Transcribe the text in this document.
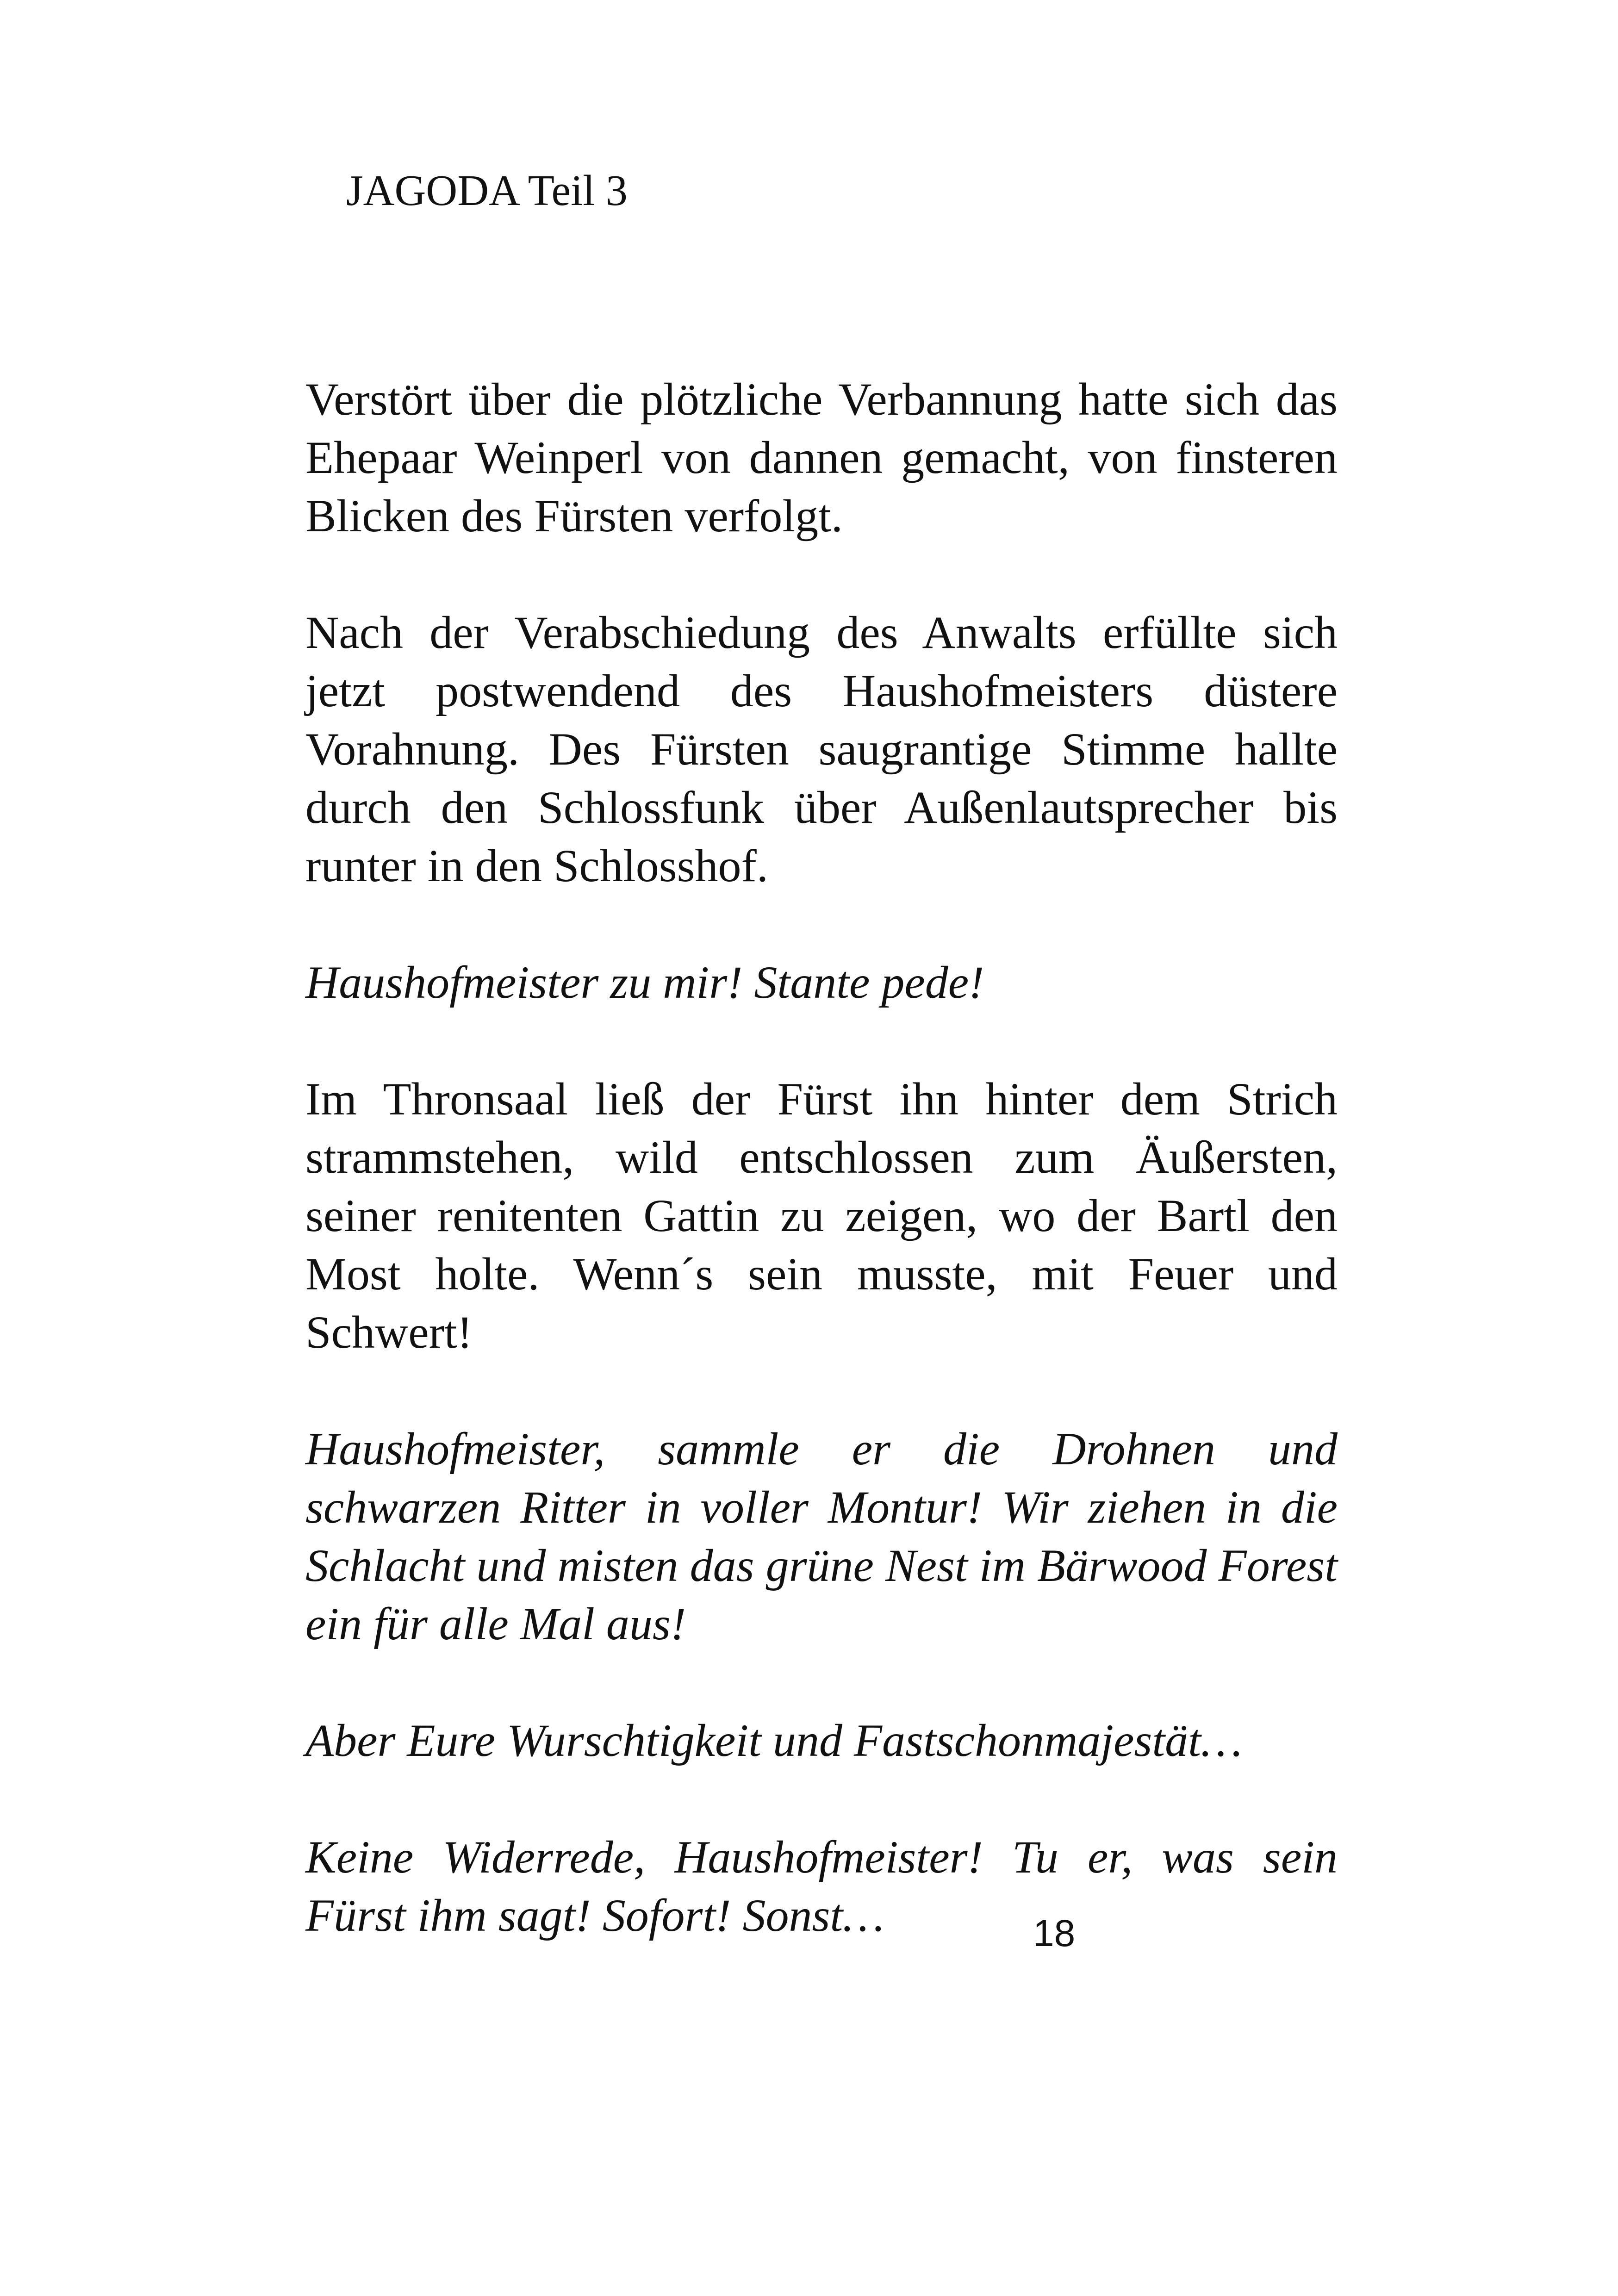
JAGODA Teil 3

Verstört über die plötzliche Verbannung hatte sich das Ehepaar Weinperl von dannen gemacht, von finsteren Blicken des Fürsten verfolgt.

Nach der Verabschiedung des Anwalts erfüllte sich jetzt postwendend des Haushofmeisters düstere Vorahnung. Des Fürsten saugrantige Stimme hallte durch den Schlossfunk über Außenlautsprecher bis runter in den Schlosshof.

Haushofmeister zu mir! Stante pede!

Im Thronsaal ließ der Fürst ihn hinter dem Strich strammstehen, wild entschlossen zum Äußersten, seiner renitenten Gattin zu zeigen, wo der Bartl den Most holte. Wenn´s sein musste, mit Feuer und Schwert!

Haushofmeister, sammle er die Drohnen und schwarzen Ritter in voller Montur! Wir ziehen in die Schlacht und misten das grüne Nest im Bärwood Forest ein für alle Mal aus!

Aber Eure Wurschtigkeit und Fastschonmajestät…

Keine Widerrede, Haushofmeister! Tu er, was sein Fürst ihm sagt! Sofort! Sonst…	18
